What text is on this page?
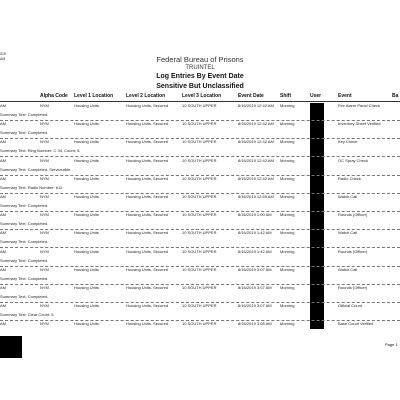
019
AM	Federal Bureau of Prisons
TRUINTEL
Log Entries By Event Date
Sensitive But Unclassified
Alpha Code Level 1 Location	Level 2 Location	Level 3 Location	Event Date	Shift	User	Event	Ba
AM	NYM	Housing Units	Housing Units, Secured	10 SOUTH UPPER	8/16/2019 12:42 AM Morning	Fire Alarm Panel Check
Summary Text: Completed.
AM	NYM	Housing Units	Housing Units, Secured	10 SOUTH UPPER	8/16/2019 12:42 AM Morning	Inventory Sheet Verified
Summary Text: Completed.
AM	NYM	Housing Units	Housing Units, Secured	10 SOUTH UPPER	8/16/2019 12:42 AM Morning	Key Check
Summary Text: Ring Number: C 34, Count: 5.
AM	NYM	Housing Units	Housing Units, Secured	10 SOUTH UPPER	8/16/2019 12:42 AM Morning	OC Spray Check
Summary Text: Completed. Serviceable.
AM	NYM	Housing Units	Housing Units, Secured	10 SOUTH UPPER	8/16/2019 12:42 AM Morning	Radio Check
Summary Text: Radio Number: 612.
AM	NYM	Housing Units	Housing Units, Secured	10 SOUTH UPPER	8/16/2019 12:59 AM Morning	Watch Call
Summary Text: Completed.
AM	NYM	Housing Units	Housing Units, Secured	10 SOUTH UPPER	8/16/2019 1:00 AM Morning	Rounds (Officer)
Summary Text: Completed.
AM	NYM	Housing Units	Housing Units, Secured	10 SOUTH UPPER	8/16/2019 1:42 AM Morning	Watch Call
Summary Text: Completed.
AM	NYM	Housing Units	Housing Units, Secured	10 SOUTH UPPER	8/16/2019 1:42 AM Morning	Rounds (Officer)
Summary Text: Completed.
AM	NYM	Housing Units	Housing Units, Secured	10 SOUTH UPPER	8/16/2019 3:07 AM Morning	Watch Call
Summary Text: Completed.
AM	NYM	Housing Units	Housing Units, Secured	10 SOUTH UPPER	8/16/2019 3:07 AM Morning	Rounds (Officer)
Summary Text: Completed.
AM	NYM	Housing Units	Housing Units, Secured	10 SOUTH UPPER	8/16/2019 3:07 AM Morning	Official Count
Summary Text: Clear Count: 5.
AM	NYM	Housing Units	Housing Units, Secured	10 SOUTH UPPER	8/16/2019 3:08 AM Morning	Base Count Verified
Page 1
